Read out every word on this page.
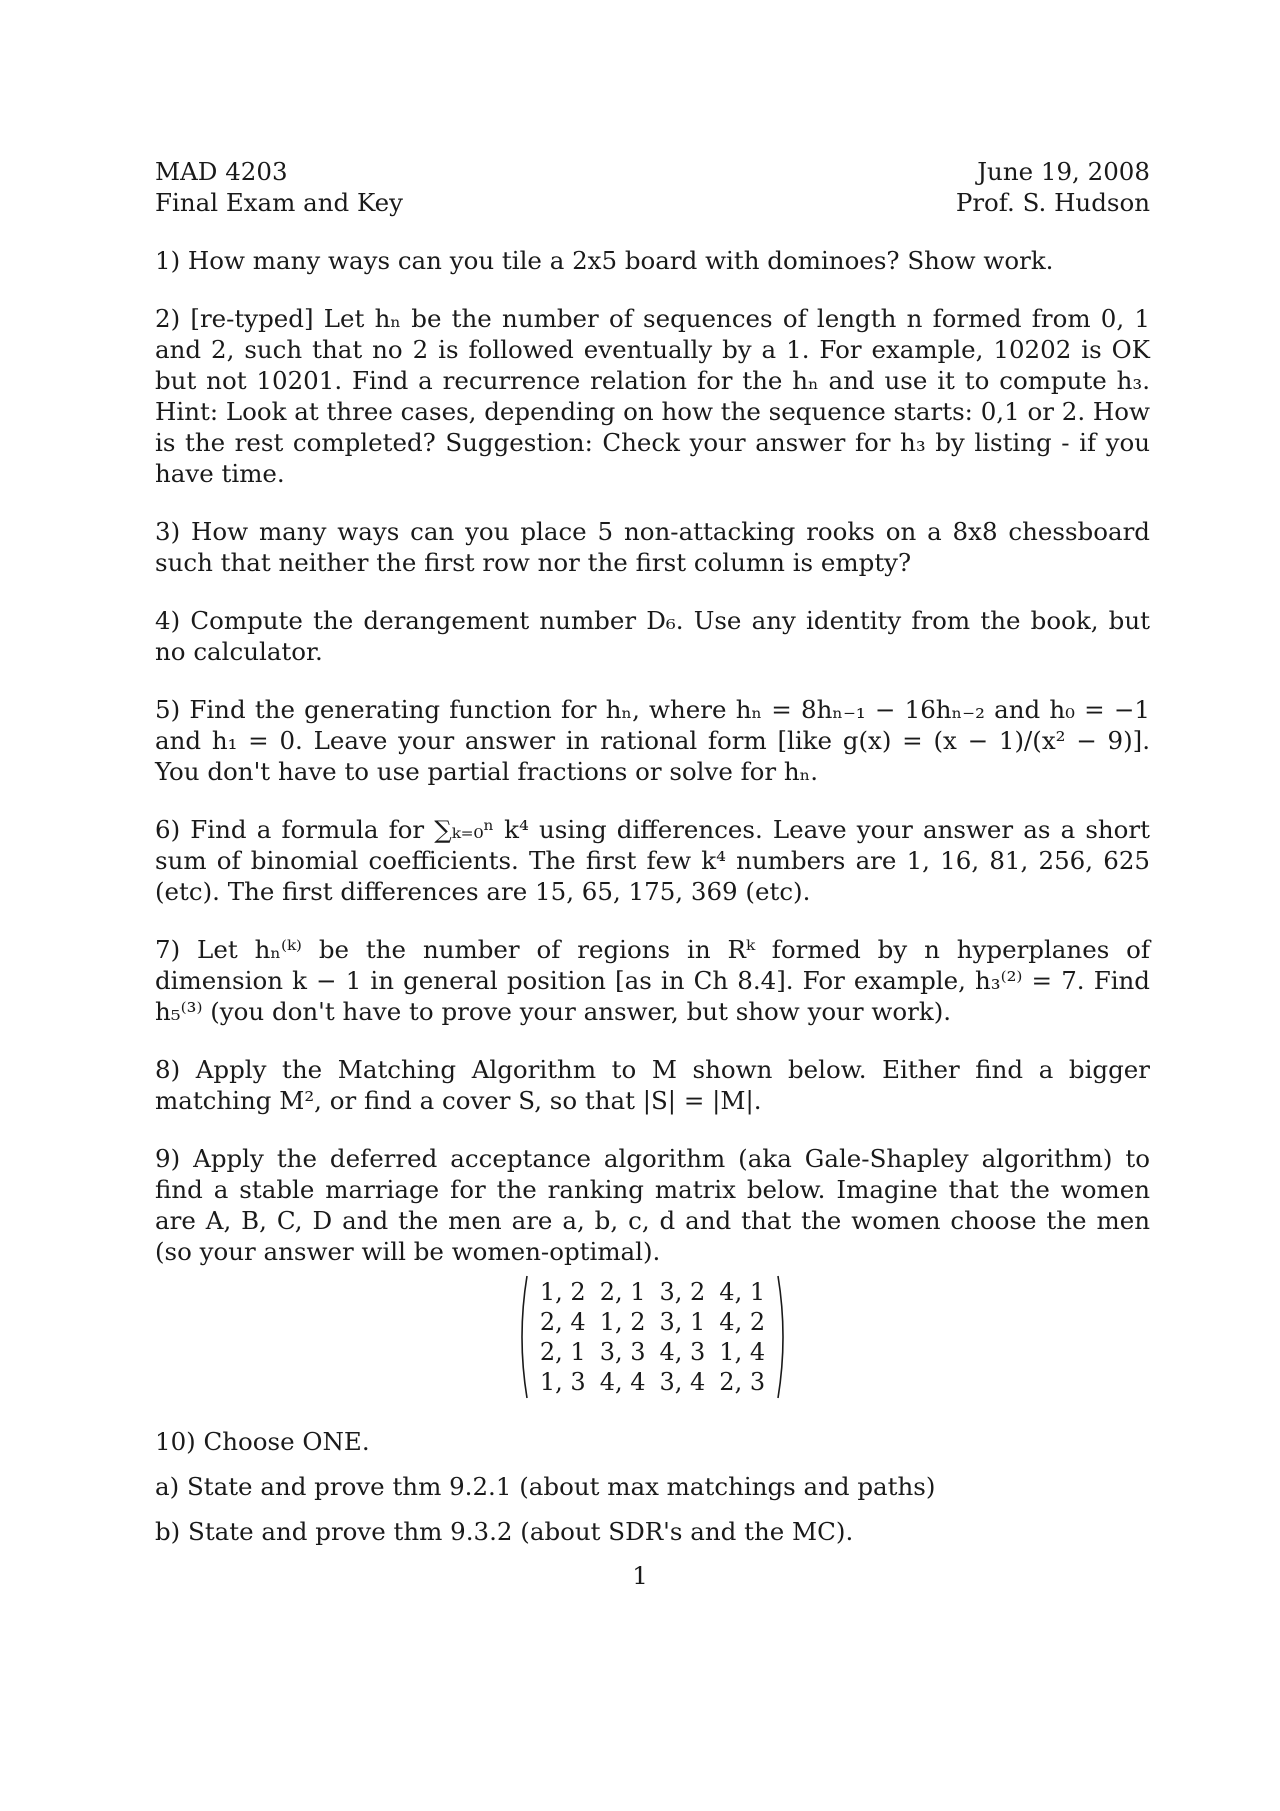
MAD 4203
Final Exam and Key
June 19, 2008
Prof. S. Hudson
1) How many ways can you tile a 2x5 board with dominoes? Show work.
2) [re-typed] Let hₙ be the number of sequences of length n formed from 0, 1 and 2, such that no 2 is followed eventually by a 1. For example, 10202 is OK but not 10201. Find a recurrence relation for the hₙ and use it to compute h₃. Hint: Look at three cases, depending on how the sequence starts: 0,1 or 2. How is the rest completed? Suggestion: Check your answer for h₃ by listing - if you have time.
3) How many ways can you place 5 non-attacking rooks on a 8x8 chessboard such that neither the first row nor the first column is empty?
4) Compute the derangement number D₆. Use any identity from the book, but no calculator.
5) Find the generating function for hₙ, where hₙ = 8hₙ₋₁ − 16hₙ₋₂ and h₀ = −1 and h₁ = 0. Leave your answer in rational form [like g(x) = (x − 1)/(x² − 9)]. You don't have to use partial fractions or solve for hₙ.
6) Find a formula for ∑ₖ₌₀ⁿ k⁴ using differences. Leave your answer as a short sum of binomial coefficients. The first few k⁴ numbers are 1, 16, 81, 256, 625 (etc). The first differences are 15, 65, 175, 369 (etc).
7) Let hₙ⁽ᵏ⁾ be the number of regions in Rᵏ formed by n hyperplanes of dimension k − 1 in general position [as in Ch 8.4]. For example, h₃⁽²⁾ = 7. Find h₅⁽³⁾ (you don't have to prove your answer, but show your work).
8) Apply the Matching Algorithm to M shown below. Either find a bigger matching M², or find a cover S, so that |S| = |M|.
9) Apply the deferred acceptance algorithm (aka Gale-Shapley algorithm) to find a stable marriage for the ranking matrix below. Imagine that the women are A, B, C, D and the men are a, b, c, d and that the women choose the men (so your answer will be women-optimal).
1, 2	2, 1	3, 2	4, 1
2, 4	1, 2	3, 1	4, 2
2, 1	3, 3	4, 3	1, 4
1, 3	4, 4	3, 4	2, 3
10) Choose ONE.
a) State and prove thm 9.2.1 (about max matchings and paths)
b) State and prove thm 9.3.2 (about SDR's and the MC).
1
